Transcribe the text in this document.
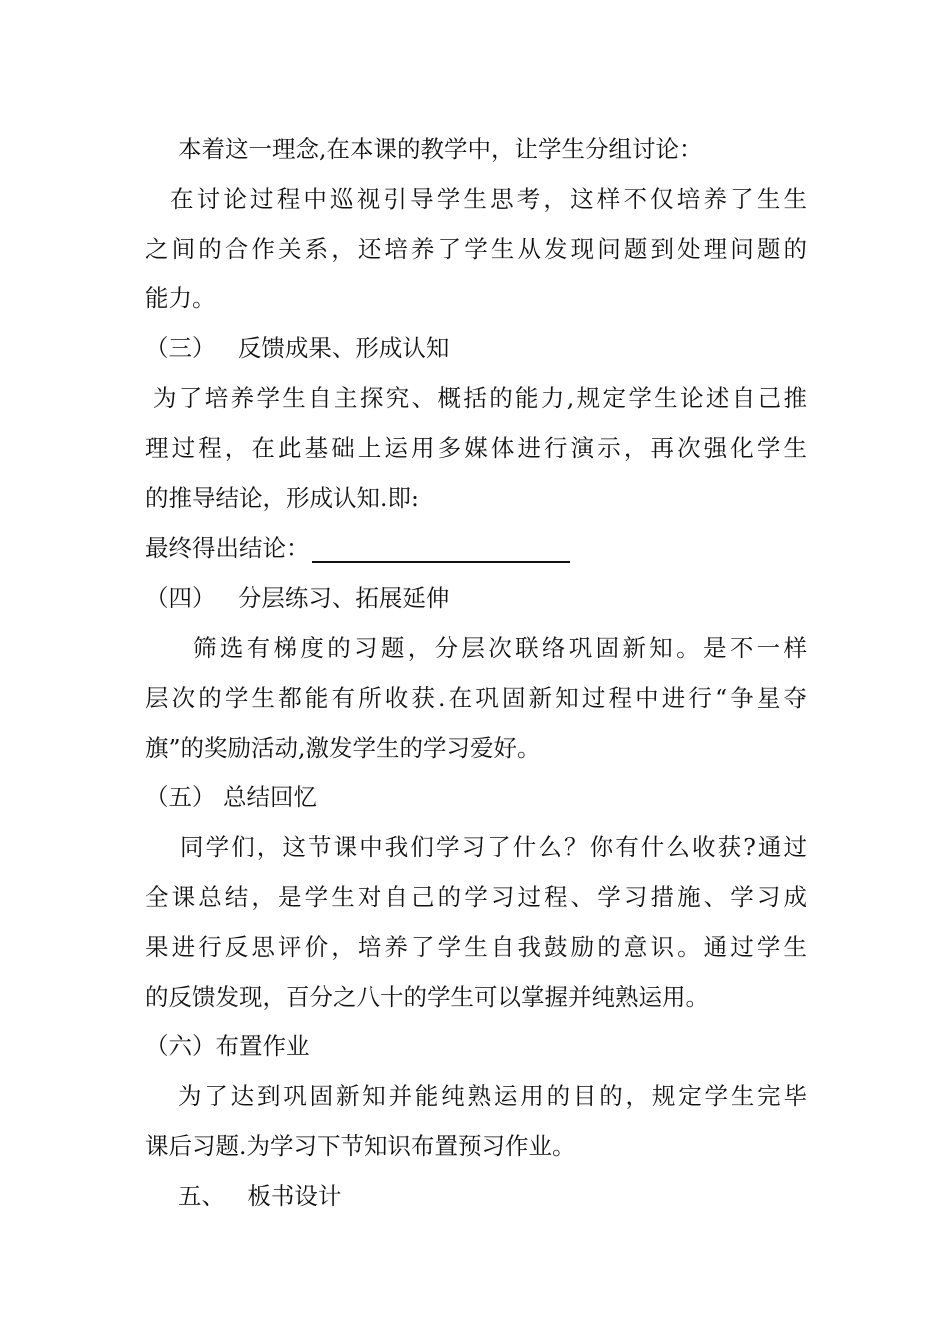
本着这一理念,在本课的教学中，让学生分组讨论：
在讨论过程中巡视引导学生思考，这样不仅培养了生生
之间的合作关系，还培养了学生从发现问题到处理问题的
能力。
（三）   反馈成果、形成认知
为了培养学生自主探究、概括的能力,规定学生论述自己推
理过程，在此基础上运用多媒体进行演示，再次强化学生
的推导结论，形成认知.即:
最终得出结论：
（四）   分层练习、拓展延伸
筛选有梯度的习题，分层次联络巩固新知。是不一样
层次的学生都能有所收获.在巩固新知过程中进行“争星夺
旗”的奖励活动,激发学生的学习爱好。
（五） 总结回忆
同学们，这节课中我们学习了什么？你有什么收获?通过
全课总结，是学生对自己的学习过程、学习措施、学习成
果进行反思评价，培养了学生自我鼓励的意识。通过学生
的反馈发现，百分之八十的学生可以掌握并纯熟运用。
（六）布置作业
为了达到巩固新知并能纯熟运用的目的，规定学生完毕
课后习题.为学习下节知识布置预习作业。
五、   板书设计
